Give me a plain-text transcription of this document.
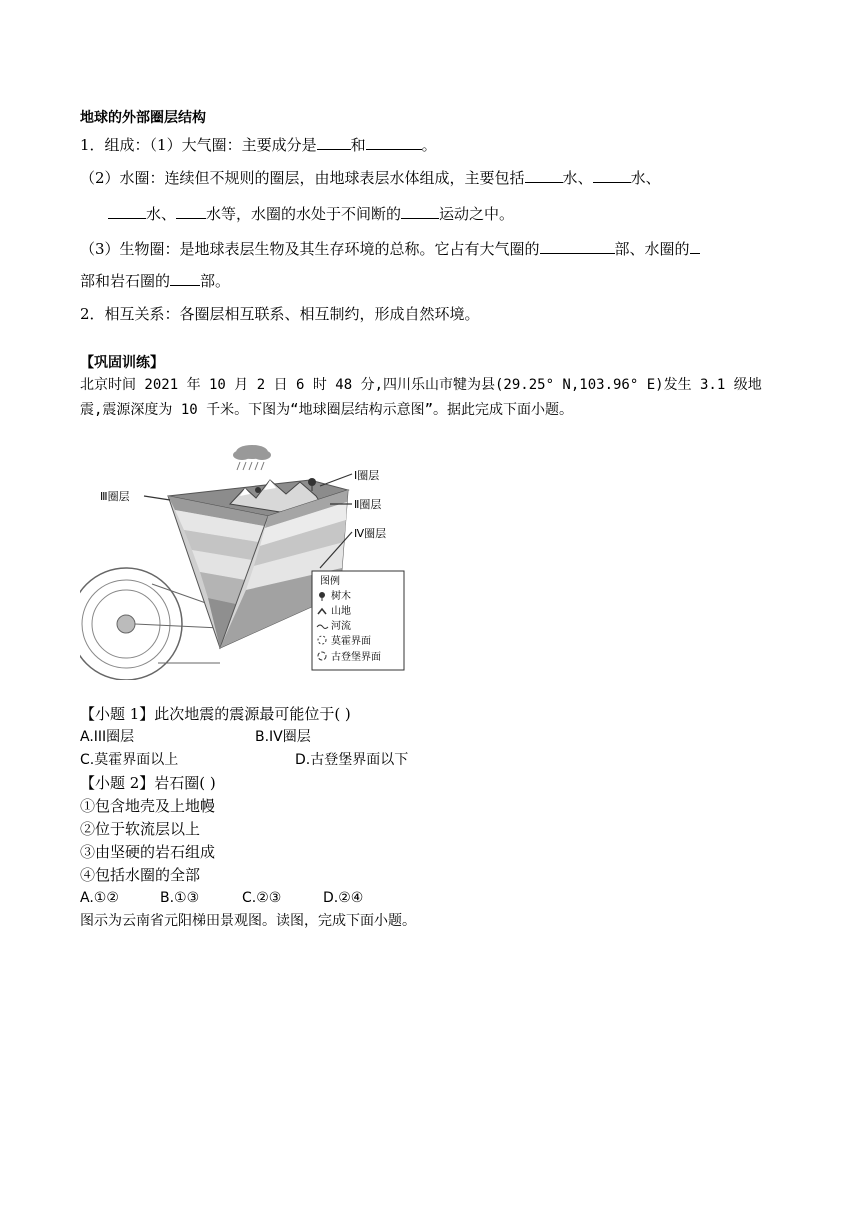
地球的外部圈层结构
1．组成：（1）大气圈：主要成分是 和	。
（2）水圈：连续但不规则的圈层，由地球表层水体组成，主要包括	水、	水、
水、 水等，水圈的水处于不间断的	运动之中。
（3）生物圈：是地球表层生物及其生存环境的总称。它占有大气圈的	部、水圈的
部和岩石圈的 部。
2．相互关系：各圈层相互联系、相互制约，形成自然环境。
【巩固训练】
北京时间 2021 年 10 月 2 日 6 时 48 分,四川乐山市犍为县(29.25° N,103.96° E)发生 3.1 级地
震,震源深度为 10 千米。下图为“地球圈层结构示意图”。据此完成下面小题。
Ⅰ圈层
Ⅱ圈层
Ⅲ圈层
Ⅳ圈层
图例
树木
山地
河流
莫霍界面
古登堡界面
【小题 1】此次地震的震源最可能位于( )
A.III圈层	B.IV圈层
C.莫霍界面以上	D.古登堡界面以下
【小题 2】岩石圈( )
①包含地壳及上地幔
②位于软流层以上
③由坚硬的岩石组成
④包括水圈的全部
A.①②	B.①③	C.②③	D.②④
图示为云南省元阳梯田景观图。读图，完成下面小题。
